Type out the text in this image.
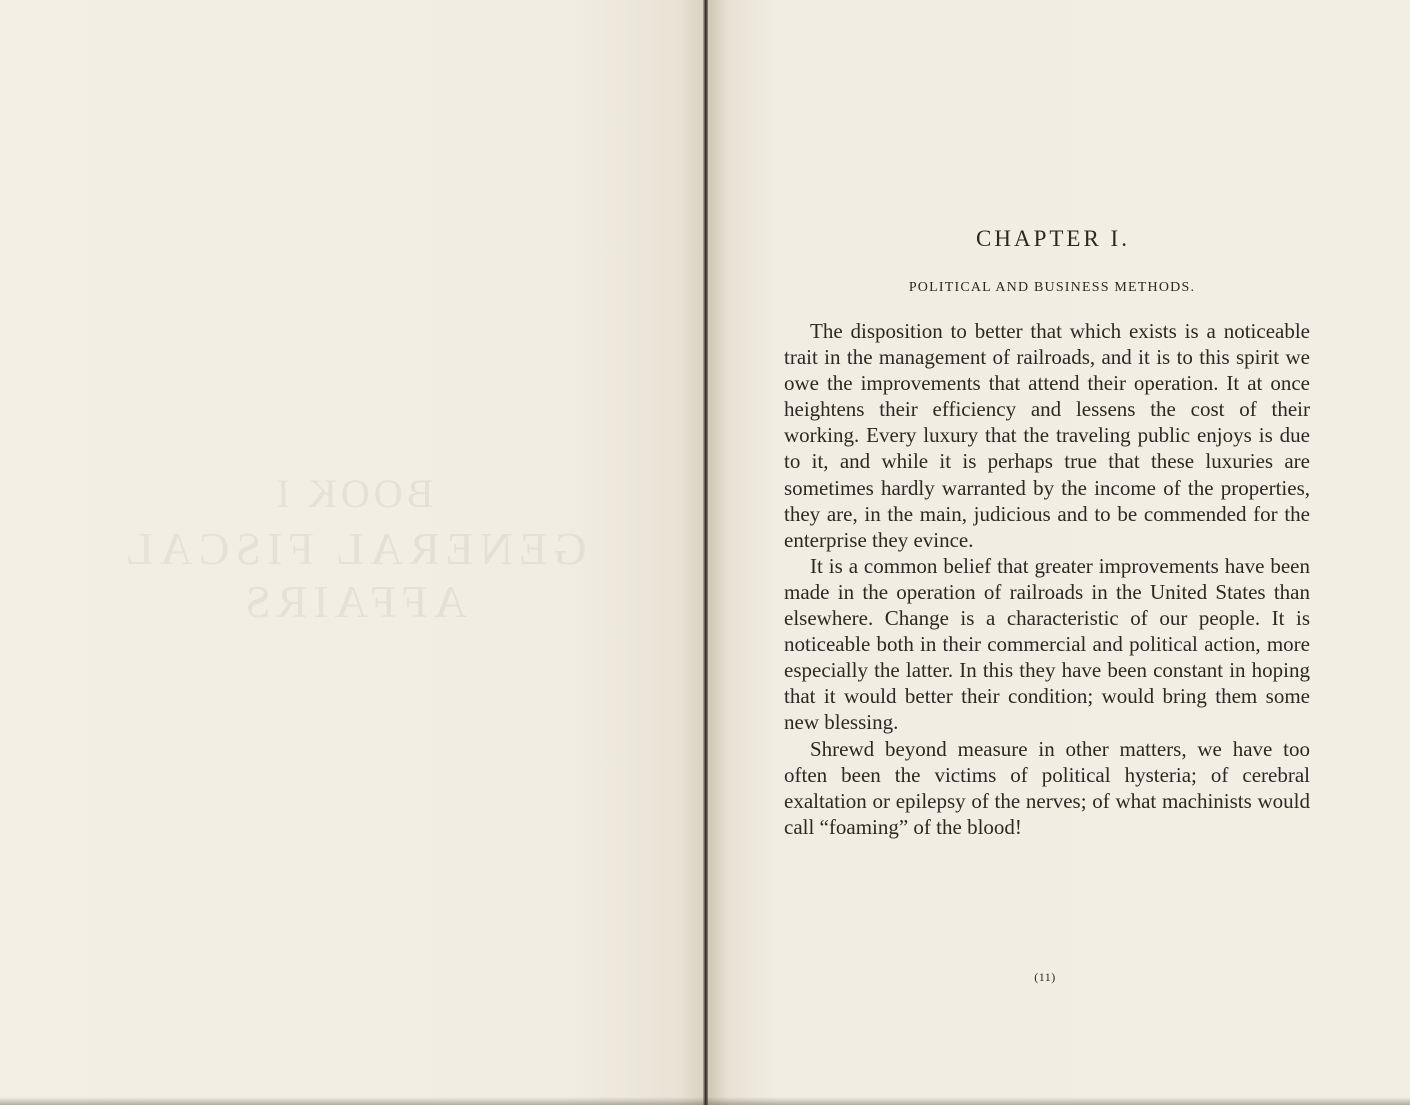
BOOK I
GENERAL FISCAL AFFAIRS
CHAPTER I.
POLITICAL AND BUSINESS METHODS.

The disposition to better that which exists is a noticeable trait in the management of railroads, and it is to this spirit we owe the improvements that attend their operation. It at once heightens their efficiency and lessens the cost of their working. Every luxury that the traveling public enjoys is due to it, and while it is perhaps true that these luxuries are sometimes hardly warranted by the income of the properties, they are, in the main, judicious and to be commended for the enterprise they evince.

It is a common belief that greater improvements have been made in the operation of railroads in the United States than elsewhere. Change is a characteristic of our people. It is noticeable both in their commercial and political action, more especially the latter. In this they have been constant in hoping that it would better their condition; would bring them some new blessing.

Shrewd beyond measure in other matters, we have too often been the victims of political hysteria; of cerebral exaltation or epilepsy of the nerves; of what machinists would call “foaming” of the blood!

(11)
